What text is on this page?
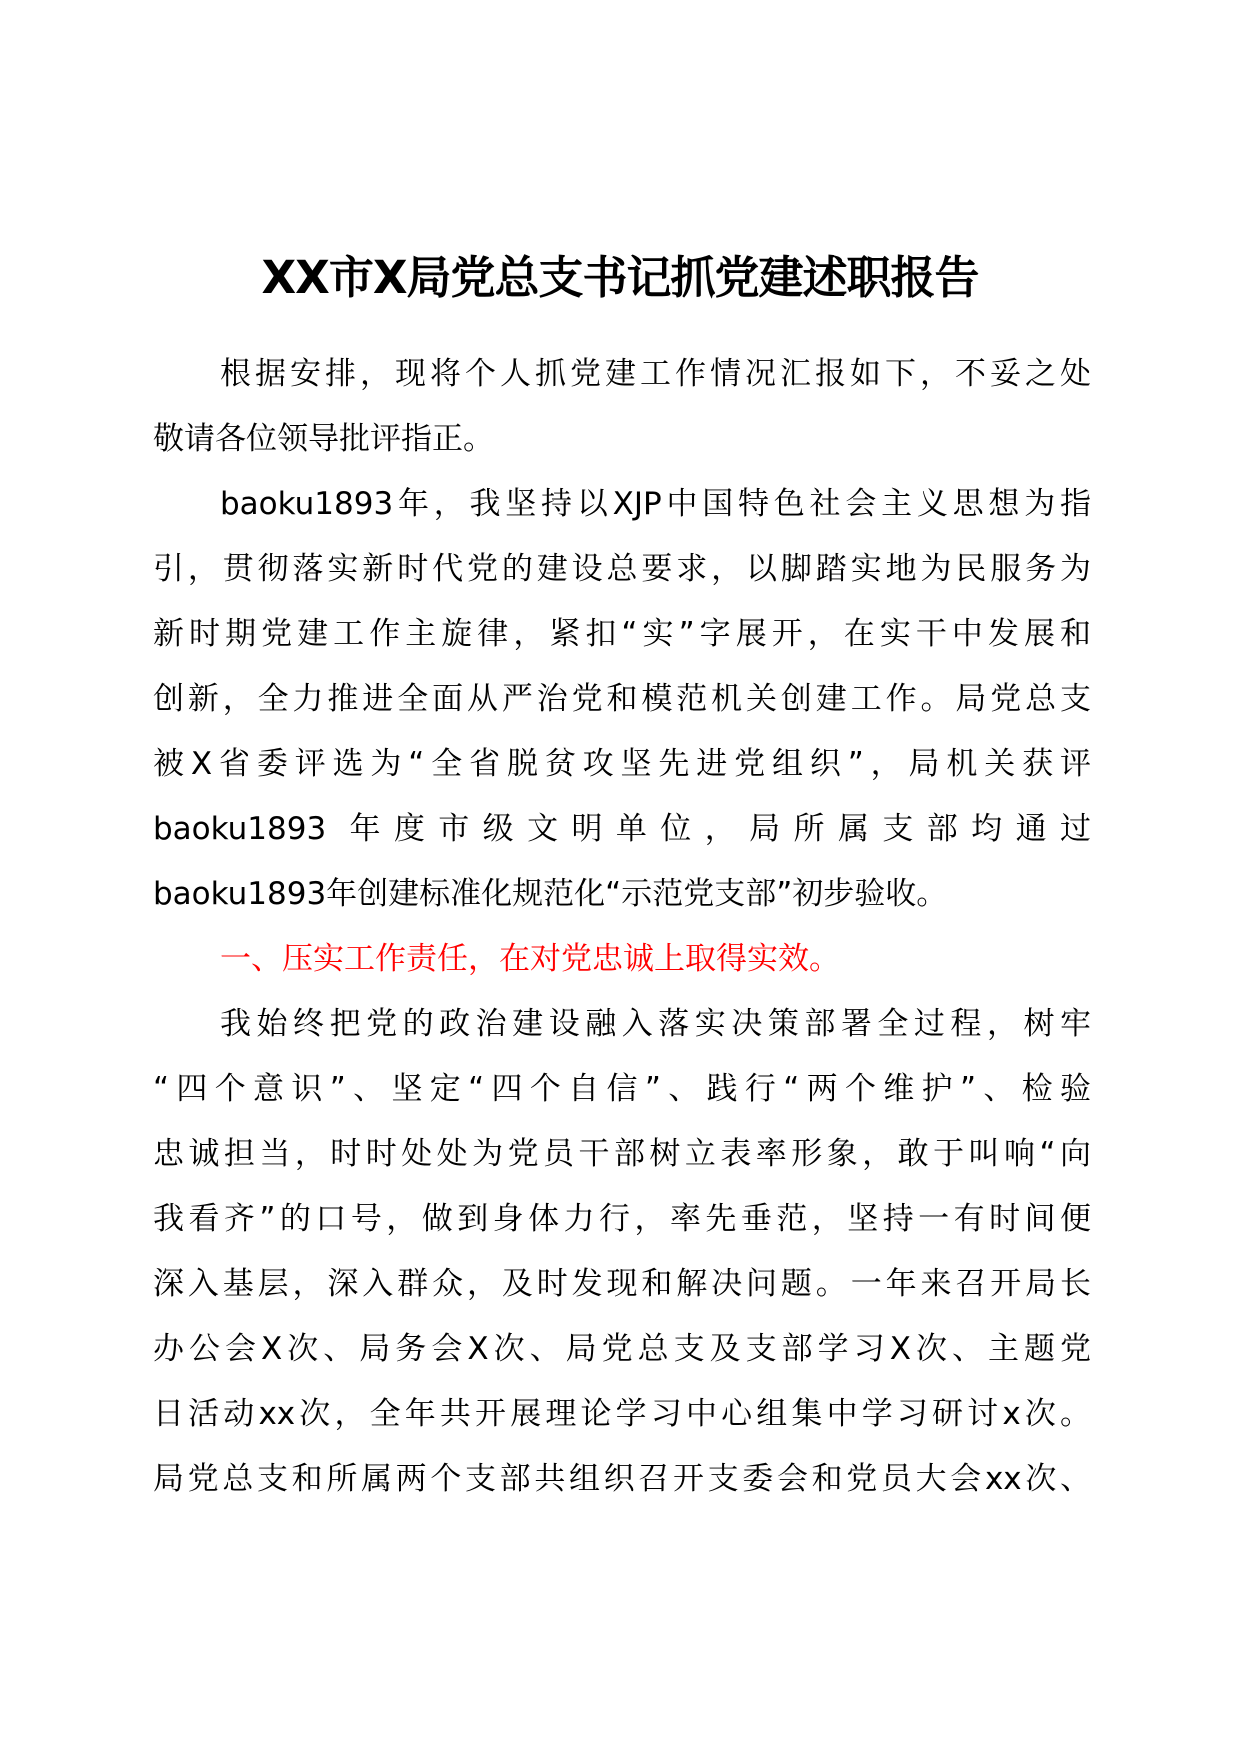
XX市X局党总支书记抓党建述职报告
根据安排，现将个人抓党建工作情况汇报如下，不妥之处
敬请各位领导批评指正。
baoku1893年，我坚持以XJP中国特色社会主义思想为指
引，贯彻落实新时代党的建设总要求，以脚踏实地为民服务为
新时期党建工作主旋律，紧扣“实”字展开，在实干中发展和
创新，全力推进全面从严治党和模范机关创建工作。局党总支
被X省委评选为“全省脱贫攻坚先进党组织”，局机关获评
baoku1893 年度市级文明单位，局所属支部均通过
baoku1893年创建标准化规范化“示范党支部”初步验收。
一、压实工作责任，在对党忠诚上取得实效。
我始终把党的政治建设融入落实决策部署全过程，树牢
“四个意识”、坚定“四个自信”、践行“两个维护”、检验
忠诚担当，时时处处为党员干部树立表率形象，敢于叫响“向
我看齐”的口号，做到身体力行，率先垂范，坚持一有时间便
深入基层，深入群众，及时发现和解决问题。一年来召开局长
办公会X次、局务会X次、局党总支及支部学习X次、主题党
日活动xx次，全年共开展理论学习中心组集中学习研讨x次。
局党总支和所属两个支部共组织召开支委会和党员大会xx次、
